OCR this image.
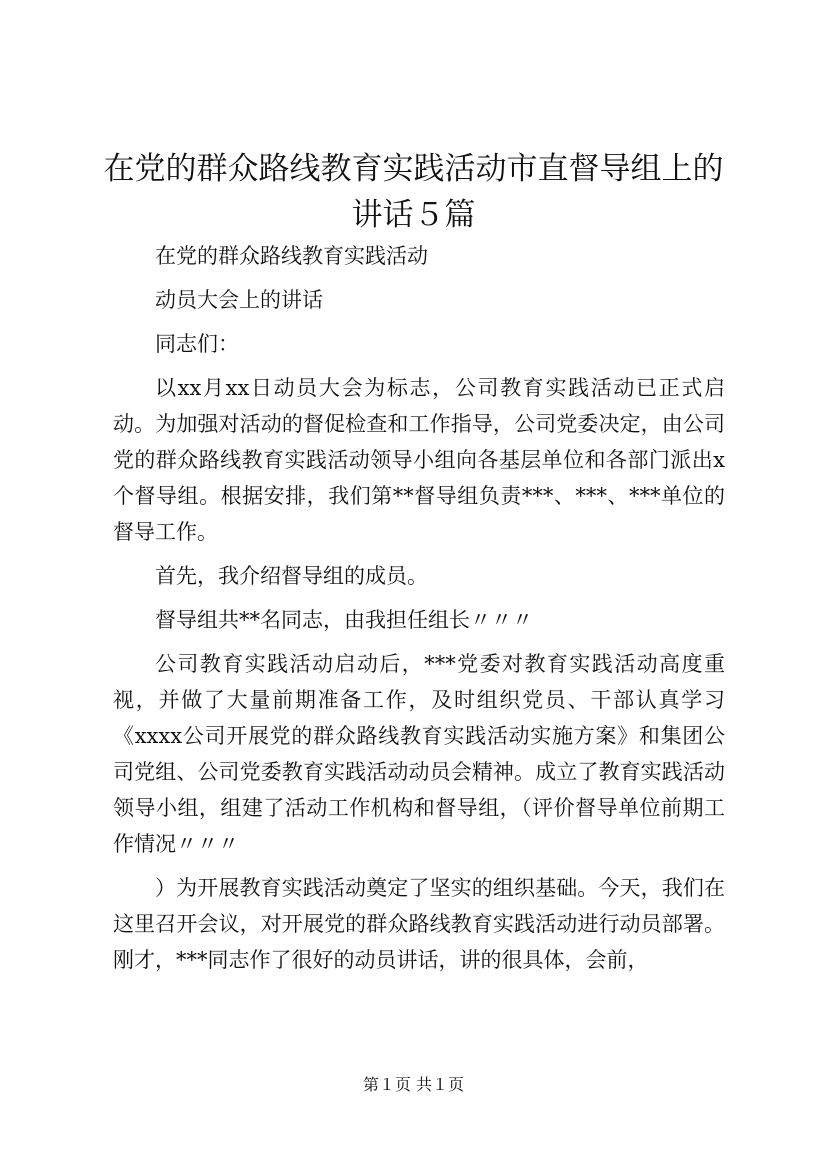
在党的群众路线教育实践活动市直督导组上的讲话５篇

在党的群众路线教育实践活动

动员大会上的讲话

同志们：

以xx月xx日动员大会为标志，公司教育实践活动已正式启动。为加强对活动的督促检查和工作指导，公司党委决定，由公司党的群众路线教育实践活动领导小组向各基层单位和各部门派出x个督导组。根据安排，我们第**督导组负责***、***、***单位的督导工作。

首先，我介绍督导组的成员。

督导组共**名同志，由我担任组长〃〃〃

公司教育实践活动启动后，***党委对教育实践活动高度重视，并做了大量前期准备工作，及时组织党员、干部认真学习《xxxx公司开展党的群众路线教育实践活动实施方案》和集团公司党组、公司党委教育实践活动动员会精神。成立了教育实践活动领导小组，组建了活动工作机构和督导组，（评价督导单位前期工作情况〃〃〃

）为开展教育实践活动奠定了坚实的组织基础。今天，我们在这里召开会议，对开展党的群众路线教育实践活动进行动员部署。刚才，***同志作了很好的动员讲话，讲的很具体，会前，

第１页 共１页
